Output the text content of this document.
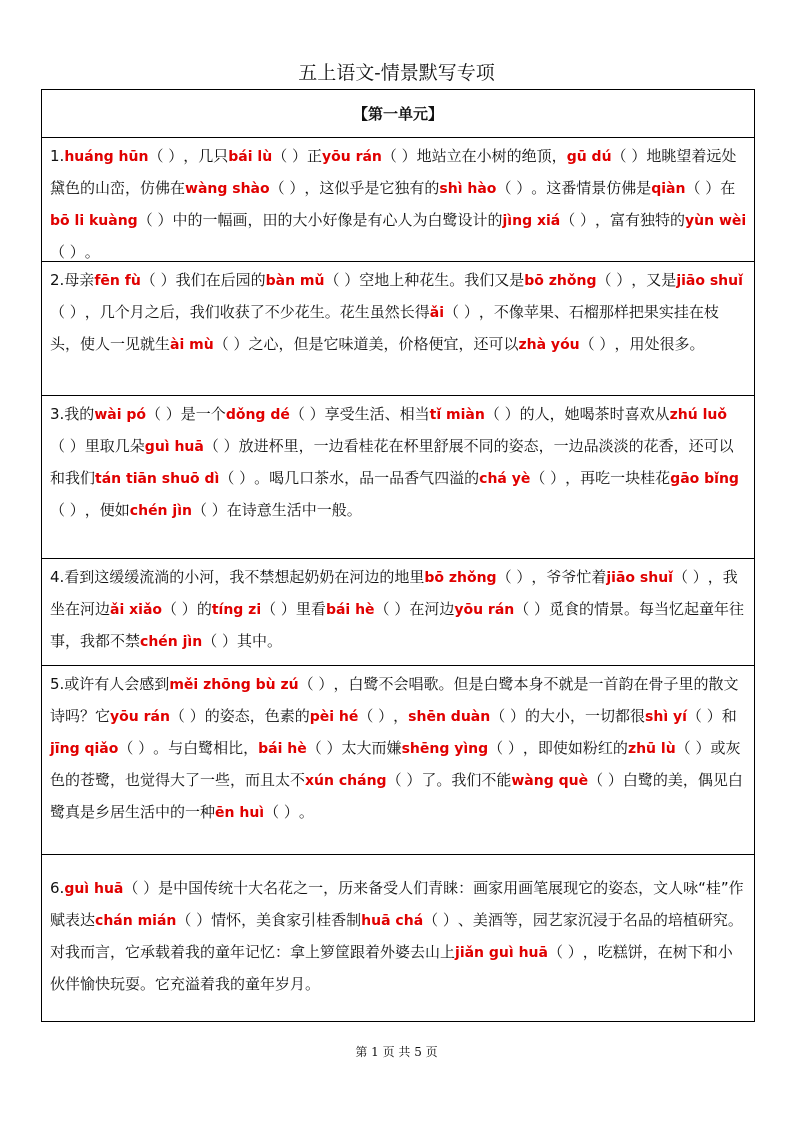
五上语文-情景默写专项
【第一单元】
1.huáng hūn（ ），几只bái lù（ ）正yōu rán（ ）地站立在小树的绝顶，gū dú（ ）地眺望着远处黛色的山峦，仿佛在wàng shào（ ），这似乎是它独有的shì hào（ ）。这番情景仿佛是qiàn（ ）在bō li kuàng（ ）中的一幅画，田的大小好像是有心人为白鹭设计的jìng xiá（ ），富有独特的yùn wèi（ ）。
2.母亲fēn fù（ ）我们在后园的bàn mǔ（ ）空地上种花生。我们又是bō zhǒng（ ），又是jiāo shuǐ（ ），几个月之后，我们收获了不少花生。花生虽然长得ǎi（ ），不像苹果、石榴那样把果实挂在枝头，使人一见就生ài mù（ ）之心，但是它味道美，价格便宜，还可以zhà yóu（ ），用处很多。
3.我的wài pó（ ）是一个dǒng dé（ ）享受生活、相当tǐ miàn（ ）的人，她喝茶时喜欢从zhú luǒ（ ）里取几朵guì huā（ ）放进杯里，一边看桂花在杯里舒展不同的姿态，一边品淡淡的花香，还可以和我们tán tiān shuō dì（ ）。喝几口茶水，品一品香气四溢的chá yè（ ），再吃一块桂花gāo bǐng（ ），便如chén jìn（ ）在诗意生活中一般。
4.看到这缓缓流淌的小河，我不禁想起奶奶在河边的地里bō zhǒng（ ），爷爷忙着jiāo shuǐ（ ），我坐在河边ǎi xiǎo（ ）的tíng zi（ ）里看bái hè（ ）在河边yōu rán（ ）觅食的情景。每当忆起童年往事，我都不禁chén jìn（ ）其中。
5.或许有人会感到měi zhōng bù zú（ ），白鹭不会唱歌。但是白鹭本身不就是一首韵在骨子里的散文诗吗？它yōu rán（ ）的姿态，色素的pèi hé（ ），shēn duàn（ ）的大小，一切都很shì yí（ ）和jīng qiǎo（ ）。与白鹭相比，bái hè（ ）太大而嫌shēng yìng（ ），即使如粉红的zhū lù（ ）或灰色的苍鹭，也觉得大了一些，而且太不xún cháng（ ）了。我们不能wàng què（ ）白鹭的美，偶见白鹭真是乡居生活中的一种ēn huì（ ）。
6.guì huā（ ）是中国传统十大名花之一，历来备受人们青睐：画家用画笔展现它的姿态，文人咏“桂”作赋表达chán mián（ ）情怀，美食家引桂香制huā chá（ ）、美酒等，园艺家沉浸于名品的培植研究。对我而言，它承载着我的童年记忆：拿上箩筐跟着外婆去山上jiǎn guì huā（ ），吃糕饼，在树下和小伙伴愉快玩耍。它充溢着我的童年岁月。
第 1 页 共 5 页
